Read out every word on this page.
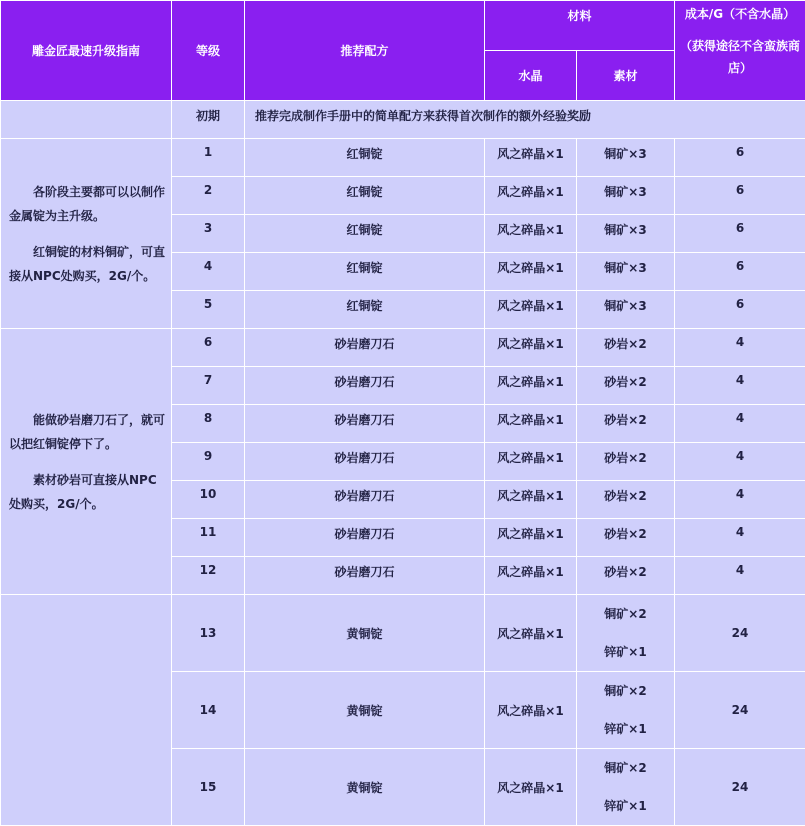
雕金匠最速升级指南	等级	推荐配方	材料		成本/G（不含水晶）
（获得途径不含蛮族商店）

			水晶	素材	
	初期	推荐完成制作手册中的简单配方来获得首次制作的额外经验奖励			

各阶段主要都可以以制作金属锭为主升级。

红铜锭的材料铜矿，可直接从NPC处购买，2G/个。	1	红铜锭	风之碎晶×1	铜矿×3	6
	2	红铜锭	风之碎晶×1	铜矿×3	6
	3	红铜锭	风之碎晶×1	铜矿×3	6
	4	红铜锭	风之碎晶×1	铜矿×3	6
	5	红铜锭	风之碎晶×1	铜矿×3	6

能做砂岩磨刀石了，就可以把红铜锭停下了。

素材砂岩可直接从NPC处购买，2G/个。	6	砂岩磨刀石	风之碎晶×1	砂岩×2	4
	7	砂岩磨刀石	风之碎晶×1	砂岩×2	4
	8	砂岩磨刀石	风之碎晶×1	砂岩×2	4
	9	砂岩磨刀石	风之碎晶×1	砂岩×2	4
	10	砂岩磨刀石	风之碎晶×1	砂岩×2	4
	11	砂岩磨刀石	风之碎晶×1	砂岩×2	4
	12	砂岩磨刀石	风之碎晶×1	砂岩×2	4
	13	黄铜锭	风之碎晶×1	铜矿×2
锌矿×1	24
	14	黄铜锭	风之碎晶×1	铜矿×2
锌矿×1	24
	15	黄铜锭	风之碎晶×1	铜矿×2
锌矿×1	24
